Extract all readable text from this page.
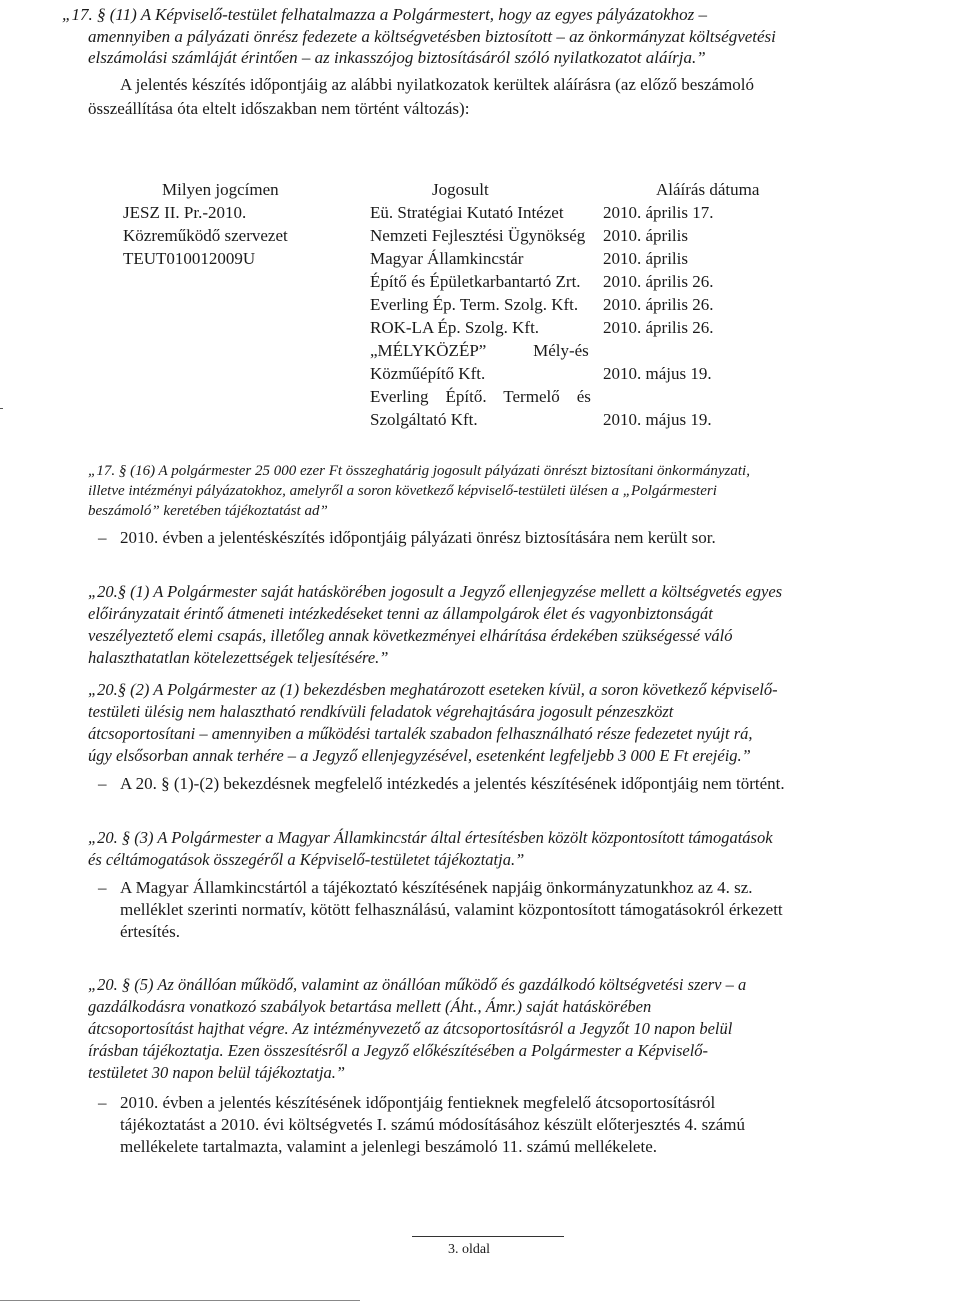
„17. § (11) A Képviselő-testület felhatalmazza a Polgármestert, hogy az egyes pályázatokhoz –
amennyiben a pályázati önrész fedezete a költségvetésben biztosított – az önkormányzat költségvetési
elszámolási számláját érintően – az inkasszójog biztosításáról szóló nyilatkozatot aláírja.”
A jelentés készítés időpontjáig az alábbi nyilatkozatok kerültek aláírásra (az előző beszámoló
összeállítása óta eltelt időszakban nem történt változás):
Milyen jogcímen	Jogosult	Aláírás dátuma
JESZ II. Pr.-2010.
Közreműködő szervezet
TEUT010012009U
Eü. Stratégiai Kutató Intézet
Nemzeti Fejlesztési Ügynökség
Magyar Államkincstár
Építő és Épületkarbantartó Zrt.
Everling Ép. Term. Szolg. Kft.
ROK-LA Ép. Szolg. Kft.
„MÉLYKÖZÉP”           Mély-és
Közműépítő Kft.
Everling    Építő.    Termelő    és
Szolgáltató Kft.
2010. április 17.
2010. április
2010. április
2010. április 26.
2010. április 26.
2010. április 26.
2010. május 19.
2010. május 19.
„17. § (16) A polgármester 25 000 ezer Ft összeghatárig jogosult pályázati önrészt biztosítani önkormányzati,
illetve intézményi pályázatokhoz, amelyről a soron következő képviselő-testületi ülésen a „Polgármesteri
beszámoló” keretében tájékoztatást ad”
– 2010. évben a jelentéskészítés időpontjáig pályázati önrész biztosítására nem került sor.
„20.§ (1) A Polgármester saját hatáskörében jogosult a Jegyző ellenjegyzése mellett a költségvetés egyes
előirányzatait érintő átmeneti intézkedéseket tenni az állampolgárok élet és vagyonbiztonságát
veszélyeztető elemi csapás, illetőleg annak következményei elhárítása érdekében szükségessé váló
halaszthatatlan kötelezettségek teljesítésére.”
„20.§ (2) A Polgármester az (1) bekezdésben meghatározott eseteken kívül, a soron következő képviselő-
testületi ülésig nem halasztható rendkívüli feladatok végrehajtására jogosult pénzeszközt
átcsoportosítani – amennyiben a működési tartalék szabadon felhasználható része fedezetet nyújt rá,
úgy elsősorban annak terhére – a Jegyző ellenjegyzésével, esetenként legfeljebb 3 000 E Ft erejéig.”
– A 20. § (1)-(2) bekezdésnek megfelelő intézkedés a jelentés készítésének időpontjáig nem történt.
„20. § (3) A Polgármester a Magyar Államkincstár által értesítésben közölt központosított támogatások
és céltámogatások összegéről a Képviselő-testületet tájékoztatja.”
– A Magyar Államkincstártól a tájékoztató készítésének napjáig önkormányzatunkhoz az 4. sz.
melléklet szerinti normatív, kötött felhasználású, valamint központosított támogatásokról érkezett
értesítés.
„20. § (5) Az önállóan működő, valamint az önállóan működő és gazdálkodó költségvetési szerv – a
gazdálkodásra vonatkozó szabályok betartása mellett (Áht., Ámr.) saját hatáskörében
átcsoportosítást hajthat végre. Az intézményvezető az átcsoportosításról a Jegyzőt 10 napon belül
írásban tájékoztatja. Ezen összesítésről a Jegyző előkészítésében a Polgármester a Képviselő-
testületet 30 napon belül tájékoztatja.”
– 2010. évben a jelentés készítésének időpontjáig fentieknek megfelelő átcsoportosításról
tájékoztatást a 2010. évi költségvetés I. számú módosításához készült előterjesztés 4. számú
mellékelete tartalmazta, valamint a jelenlegi beszámoló 11. számú mellékelete.
3. oldal
